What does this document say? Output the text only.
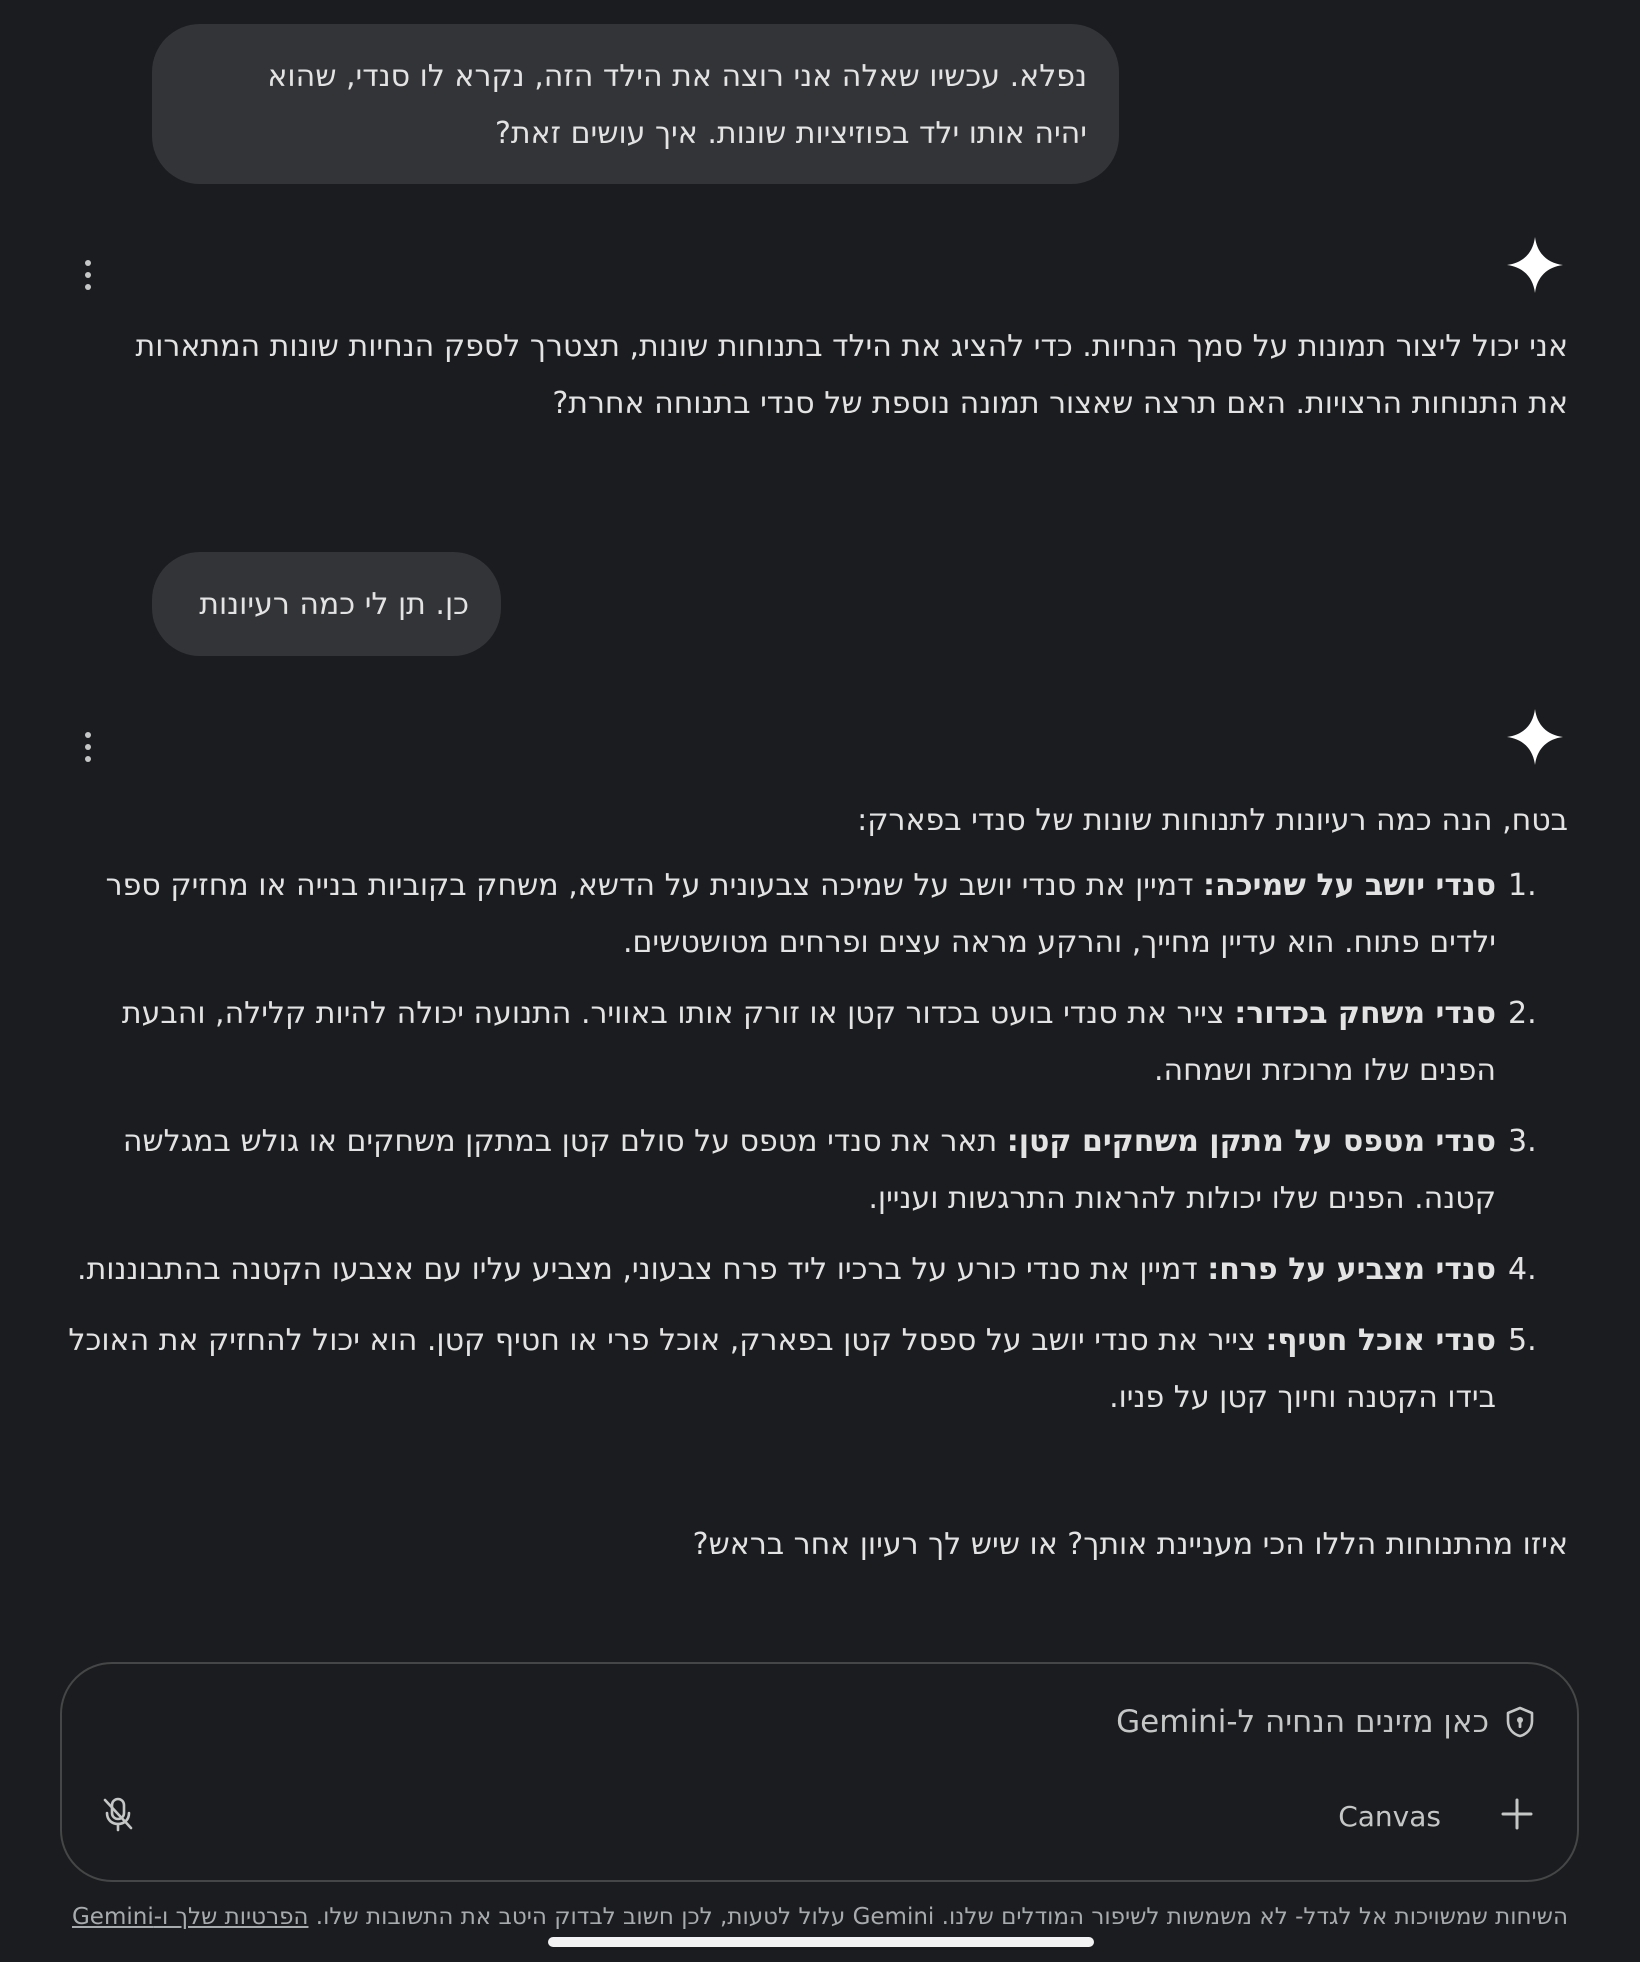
נפלא. עכשיו שאלה אני רוצה את הילד הזה, נקרא לו סנדי, שהוא
יהיה אותו ילד בפוזיציות שונות. איך עושים זאת?
אני יכול ליצור תמונות על סמך הנחיות. כדי להציג את הילד בתנוחות שונות, תצטרך לספק הנחיות שונות המתארות את התנוחות הרצויות. האם תרצה שאצור תמונה נוספת של סנדי בתנוחה אחרת?
כן. תן לי כמה רעיונות
בטח, הנה כמה רעיונות לתנוחות שונות של סנדי בפארק:
1.
סנדי יושב על שמיכה: דמיין את סנדי יושב על שמיכה צבעונית על הדשא, משחק בקוביות בנייה או מחזיק ספר ילדים פתוח. הוא עדיין מחייך, והרקע מראה עצים ופרחים מטושטשים.
2.
סנדי משחק בכדור: צייר את סנדי בועט בכדור קטן או זורק אותו באוויר. התנועה יכולה להיות קלילה, והבעת הפנים שלו מרוכזת ושמחה.
3.
סנדי מטפס על מתקן משחקים קטן: תאר את סנדי מטפס על סולם קטן במתקן משחקים או גולש במגלשה קטנה. הפנים שלו יכולות להראות התרגשות ועניין.
4.
סנדי מצביע על פרח: דמיין את סנדי כורע על ברכיו ליד פרח צבעוני, מצביע עליו עם אצבעו הקטנה בהתבוננות.
5.
סנדי אוכל חטיף: צייר את סנדי יושב על ספסל קטן בפארק, אוכל פרי או חטיף קטן. הוא יכול להחזיק את האוכל בידו הקטנה וחיוך קטן על פניו.
איזו מהתנוחות הללו הכי מעניינת אותך? או שיש לך רעיון אחר בראש?
כאן מזינים הנחיה ל-Gemini
Canvas
השיחות שמשויכות אל לגדל- לא משמשות לשיפור המודלים שלנו. Gemini עלול לטעות, לכן חשוב לבדוק היטב את התשובות שלו. הפרטיות שלך ו-Gemini
